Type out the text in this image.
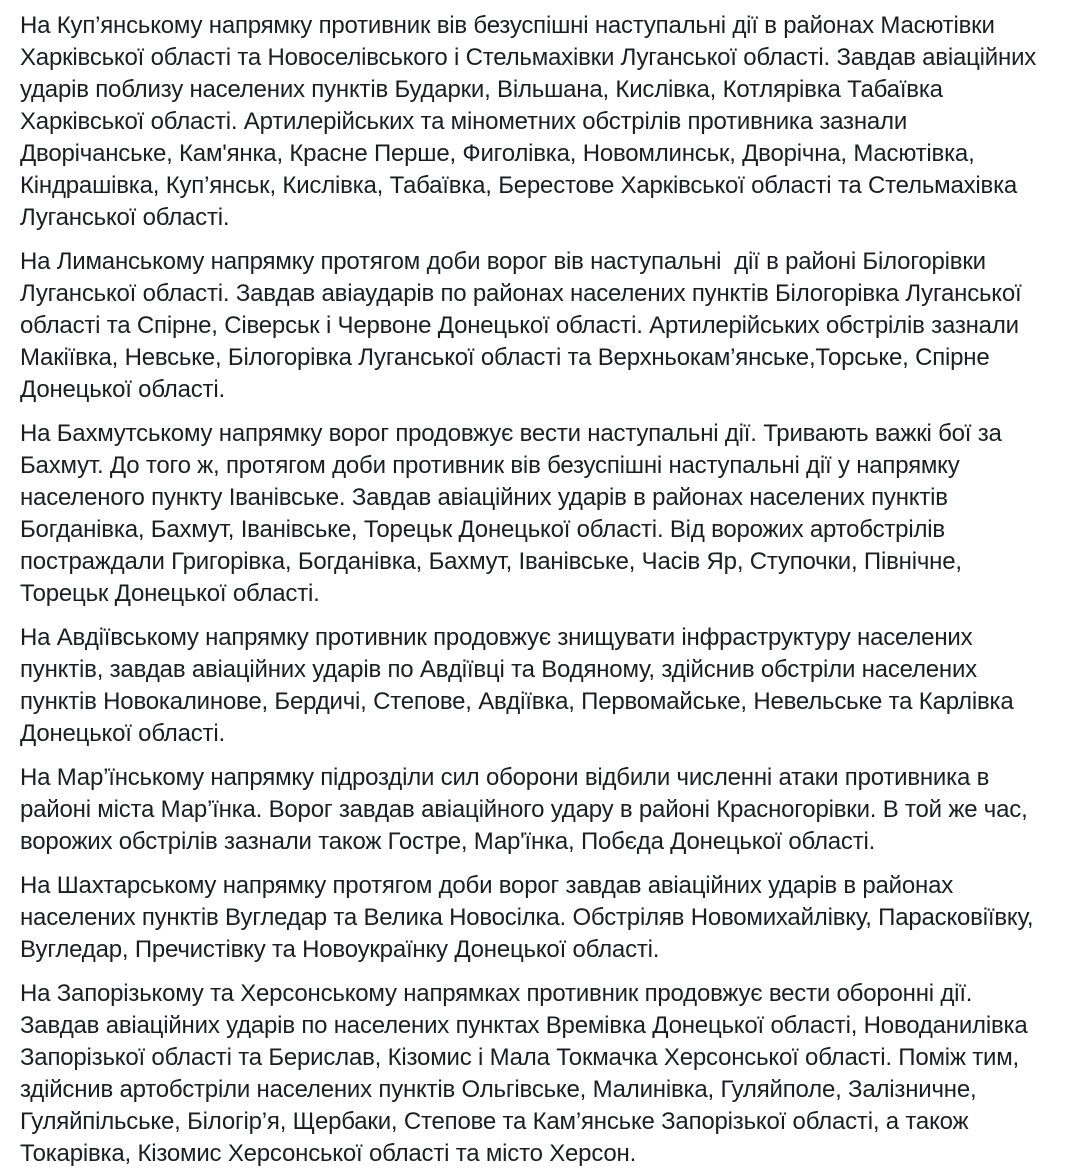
На Куп’янському напрямку противник вів безуспішні наступальні дії в районах Масютівки
Харківської області та Новоселівського і Стельмахівки Луганської області. Завдав авіаційних
ударів поблизу населених пунктів Бударки, Вільшана, Кислівка, Котлярівка Табаївка
Харківської області. Артилерійських та мінометних обстрілів противника зазнали
Дворічанське, Кам'янка, Красне Перше, Фиголівка, Новомлинськ, Дворічна, Масютівка,
Кіндрашівка, Куп’янськ, Кислівка, Табаївка, Берестове Харківської області та Стельмахівка
Луганської області.

На Лиманському напрямку протягом доби ворог вів наступальні  дії в районі Білогорівки
Луганської області. Завдав авіаударів по районах населених пунктів Білогорівка Луганської
області та Спірне, Сіверськ і Червоне Донецької області. Артилерійських обстрілів зазнали
Макіївка, Невське, Білогорівка Луганської області та Верхньокам’янське,Торське, Спірне
Донецької області.

На Бахмутському напрямку ворог продовжує вести наступальні дії. Тривають важкі бої за
Бахмут. До того ж, протягом доби противник вів безуспішні наступальні дії у напрямку
населеного пункту Іванівське. Завдав авіаційних ударів в районах населених пунктів
Богданівка, Бахмут, Іванівське, Торецьк Донецької області. Від ворожих артобстрілів
постраждали Григорівка, Богданівка, Бахмут, Іванівське, Часів Яр, Ступочки, Північне,
Торецьк Донецької області.

На Авдіївському напрямку противник продовжує знищувати інфраструктуру населених
пунктів, завдав авіаційних ударів по Авдіївці та Водяному, здійснив обстріли населених
пунктів Новокалинове, Бердичі, Степове, Авдіївка, Первомайське, Невельське та Карлівка
Донецької області.

На Мар’їнському напрямку підрозділи сил оборони відбили численні атаки противника в
районі міста Мар’їнка. Ворог завдав авіаційного удару в районі Красногорівки. В той же час,
ворожих обстрілів зазнали також Гостре, Мар'їнка, Побєда Донецької області.

На Шахтарському напрямку протягом доби ворог завдав авіаційних ударів в районах
населених пунктів Вугледар та Велика Новосілка. Обстріляв Новомихайлівку, Парасковіївку,
Вугледар, Пречистівку та Новоукраїнку Донецької області.

На Запорізькому та Херсонському напрямках противник продовжує вести оборонні дії.
Завдав авіаційних ударів по населених пунктах Времівка Донецької області, Новоданилівка
Запорізької області та Берислав, Кізомис і Мала Токмачка Херсонської області. Поміж тим,
здійснив артобстріли населених пунктів Ольгівське, Малинівка, Гуляйполе, Залізничне,
Гуляйпільське, Білогір’я, Щербаки, Степове та Кам’янське Запорізької області, а також
Токарівка, Кізомис Херсонської області та місто Херсон.
